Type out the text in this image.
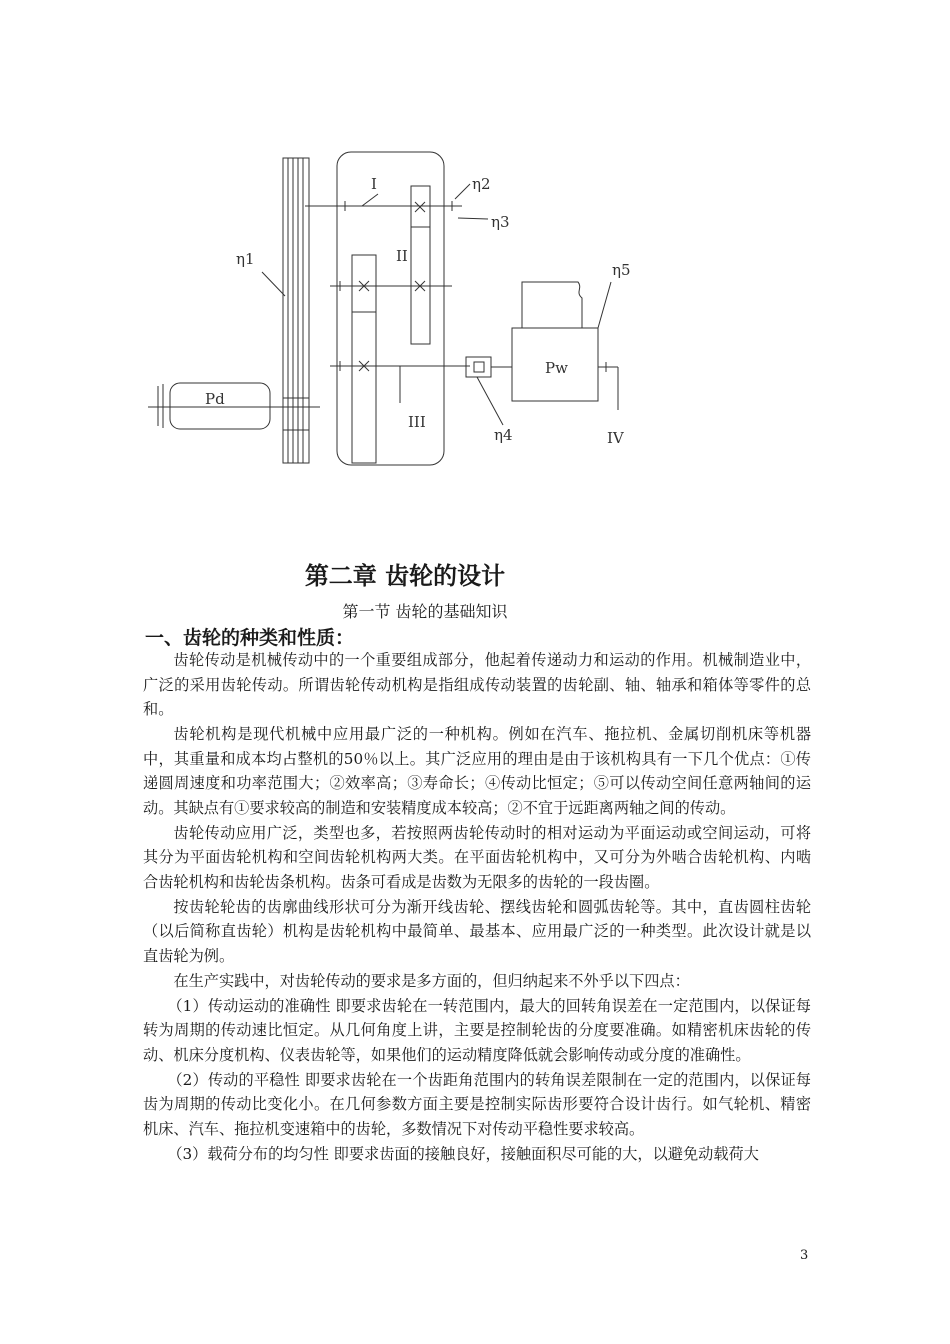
η1
η2
η3
η4
η5
I
II
III
IV
Pd
Pw
第二章 齿轮的设计
第一节 齿轮的基础知识
一、齿轮的种类和性质：

齿轮传动是机械传动中的一个重要组成部分，他起着传递动力和运动的作用。机械制造业中，广泛的采用齿轮传动。所谓齿轮传动机构是指组成传动装置的齿轮副、轴、轴承和箱体等零件的总和。

齿轮机构是现代机械中应用最广泛的一种机构。例如在汽车、拖拉机、金属切削机床等机器中，其重量和成本均占整机的50％以上。其广泛应用的理由是由于该机构具有一下几个优点：①传递圆周速度和功率范围大；②效率高；③寿命长；④传动比恒定；⑤可以传动空间任意两轴间的运动。其缺点有①要求较高的制造和安装精度成本较高；②不宜于远距离两轴之间的传动。

齿轮传动应用广泛，类型也多，若按照两齿轮传动时的相对运动为平面运动或空间运动，可将其分为平面齿轮机构和空间齿轮机构两大类。在平面齿轮机构中，又可分为外啮合齿轮机构、内啮合齿轮机构和齿轮齿条机构。齿条可看成是齿数为无限多的齿轮的一段齿圈。

按齿轮轮齿的齿廓曲线形状可分为渐开线齿轮、摆线齿轮和圆弧齿轮等。其中，直齿圆柱齿轮（以后简称直齿轮）机构是齿轮机构中最简单、最基本、应用最广泛的一种类型。此次设计就是以直齿轮为例。

在生产实践中，对齿轮传动的要求是多方面的，但归纳起来不外乎以下四点：

（1）传动运动的准确性 即要求齿轮在一转范围内，最大的回转角误差在一定范围内，以保证每转为周期的传动速比恒定。从几何角度上讲，主要是控制轮齿的分度要准确。如精密机床齿轮的传动、机床分度机构、仪表齿轮等，如果他们的运动精度降低就会影响传动或分度的准确性。

（2）传动的平稳性 即要求齿轮在一个齿距角范围内的转角误差限制在一定的范围内，以保证每齿为周期的传动比变化小。在几何参数方面主要是控制实际齿形要符合设计齿行。如气轮机、精密机床、汽车、拖拉机变速箱中的齿轮，多数情况下对传动平稳性要求较高。

（3）载荷分布的均匀性 即要求齿面的接触良好，接触面积尽可能的大，以避免动载荷大

3
